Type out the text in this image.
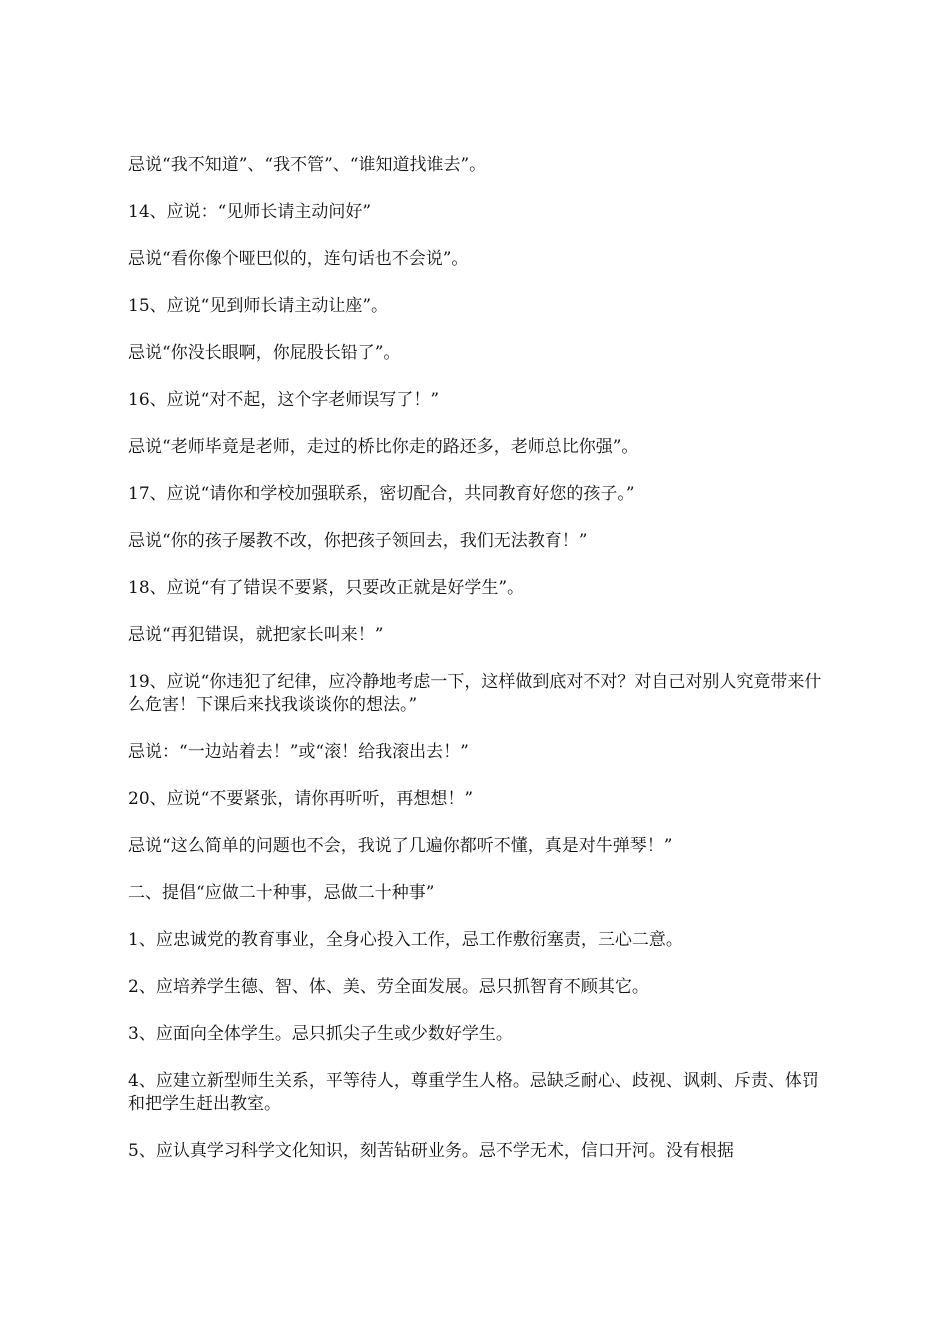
忌说“我不知道”、“我不管”、“谁知道找谁去”。

14、应说：“见师长请主动问好”

忌说“看你像个哑巴似的，连句话也不会说”。

15、应说“见到师长请主动让座”。

忌说“你没长眼啊，你屁股长铅了”。

16、应说“对不起，这个字老师误写了！”

忌说“老师毕竟是老师，走过的桥比你走的路还多，老师总比你强”。

17、应说“请你和学校加强联系，密切配合，共同教育好您的孩子。”

忌说“你的孩子屡教不改，你把孩子领回去，我们无法教育！”

18、应说“有了错误不要紧，只要改正就是好学生”。

忌说“再犯错误，就把家长叫来！”

19、应说“你违犯了纪律，应冷静地考虑一下，这样做到底对不对？对自己对别人究竟带来什么危害！下课后来找我谈谈你的想法。”

忌说：“一边站着去！”或“滚！给我滚出去！”

20、应说“不要紧张，请你再听听，再想想！”

忌说“这么简单的问题也不会，我说了几遍你都听不懂，真是对牛弹琴！”

二、提倡“应做二十种事，忌做二十种事”

1、应忠诚党的教育事业，全身心投入工作，忌工作敷衍塞责，三心二意。

2、应培养学生德、智、体、美、劳全面发展。忌只抓智育不顾其它。

3、应面向全体学生。忌只抓尖子生或少数好学生。

4、应建立新型师生关系，平等待人，尊重学生人格。忌缺乏耐心、歧视、讽刺、斥责、体罚和把学生赶出教室。

5、应认真学习科学文化知识，刻苦钻研业务。忌不学无术，信口开河。没有根据
